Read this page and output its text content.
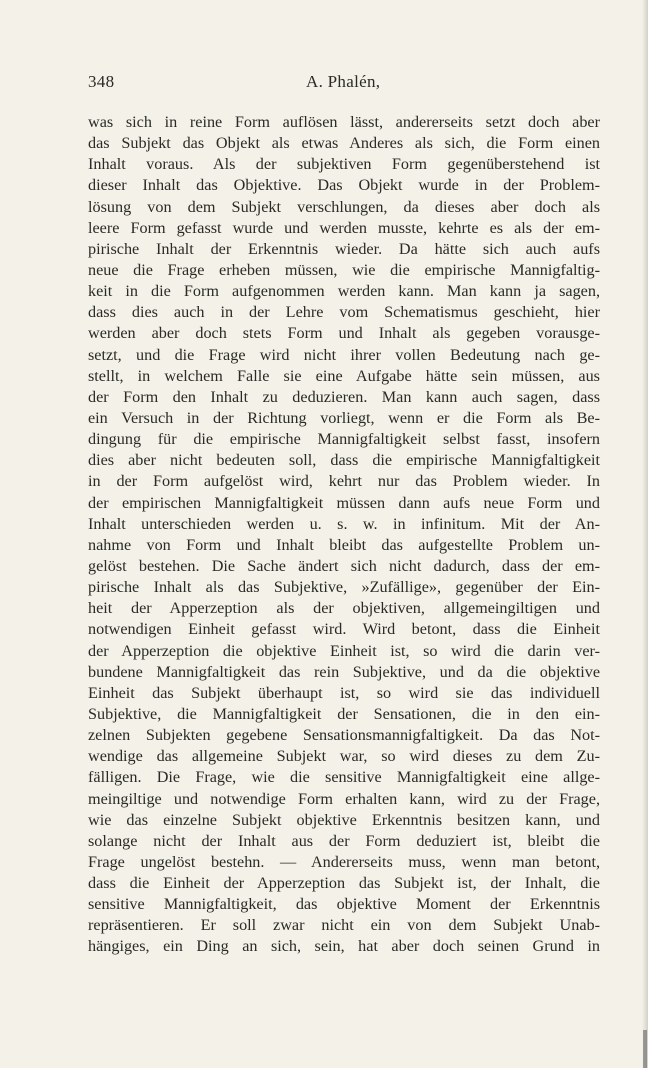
348	A. Phalén,
was sich in reine Form auflösen lässt, andererseits setzt doch aber
das Subjekt das Objekt als etwas Anderes als sich, die Form einen
Inhalt voraus. Als der subjektiven Form gegenüberstehend ist
dieser Inhalt das Objektive. Das Objekt wurde in der Problem-
lösung von dem Subjekt verschlungen, da dieses aber doch als
leere Form gefasst wurde und werden musste, kehrte es als der em-
pirische Inhalt der Erkenntnis wieder. Da hätte sich auch aufs
neue die Frage erheben müssen, wie die empirische Mannigfaltig-
keit in die Form aufgenommen werden kann. Man kann ja sagen,
dass dies auch in der Lehre vom Schematismus geschieht, hier
werden aber doch stets Form und Inhalt als gegeben vorausge-
setzt, und die Frage wird nicht ihrer vollen Bedeutung nach ge-
stellt, in welchem Falle sie eine Aufgabe hätte sein müssen, aus
der Form den Inhalt zu deduzieren. Man kann auch sagen, dass
ein Versuch in der Richtung vorliegt, wenn er die Form als Be-
dingung für die empirische Mannigfaltigkeit selbst fasst, insofern
dies aber nicht bedeuten soll, dass die empirische Mannigfaltigkeit
in der Form aufgelöst wird, kehrt nur das Problem wieder. In
der empirischen Mannigfaltigkeit müssen dann aufs neue Form und
Inhalt unterschieden werden u. s. w. in infinitum. Mit der An-
nahme von Form und Inhalt bleibt das aufgestellte Problem un-
gelöst bestehen. Die Sache ändert sich nicht dadurch, dass der em-
pirische Inhalt als das Subjektive, »Zufällige», gegenüber der Ein-
heit der Apperzeption als der objektiven, allgemeingiltigen und
notwendigen Einheit gefasst wird. Wird betont, dass die Einheit
der Apperzeption die objektive Einheit ist, so wird die darin ver-
bundene Mannigfaltigkeit das rein Subjektive, und da die objektive
Einheit das Subjekt überhaupt ist, so wird sie das individuell
Subjektive, die Mannigfaltigkeit der Sensationen, die in den ein-
zelnen Subjekten gegebene Sensationsmannigfaltigkeit. Da das Not-
wendige das allgemeine Subjekt war, so wird dieses zu dem Zu-
fälligen. Die Frage, wie die sensitive Mannigfaltigkeit eine allge-
meingiltige und notwendige Form erhalten kann, wird zu der Frage,
wie das einzelne Subjekt objektive Erkenntnis besitzen kann, und
solange nicht der Inhalt aus der Form deduziert ist, bleibt die
Frage ungelöst bestehn. — Andererseits muss, wenn man betont,
dass die Einheit der Apperzeption das Subjekt ist, der Inhalt, die
sensitive Mannigfaltigkeit, das objektive Moment der Erkenntnis
repräsentieren. Er soll zwar nicht ein von dem Subjekt Unab-
hängiges, ein Ding an sich, sein, hat aber doch seinen Grund in
